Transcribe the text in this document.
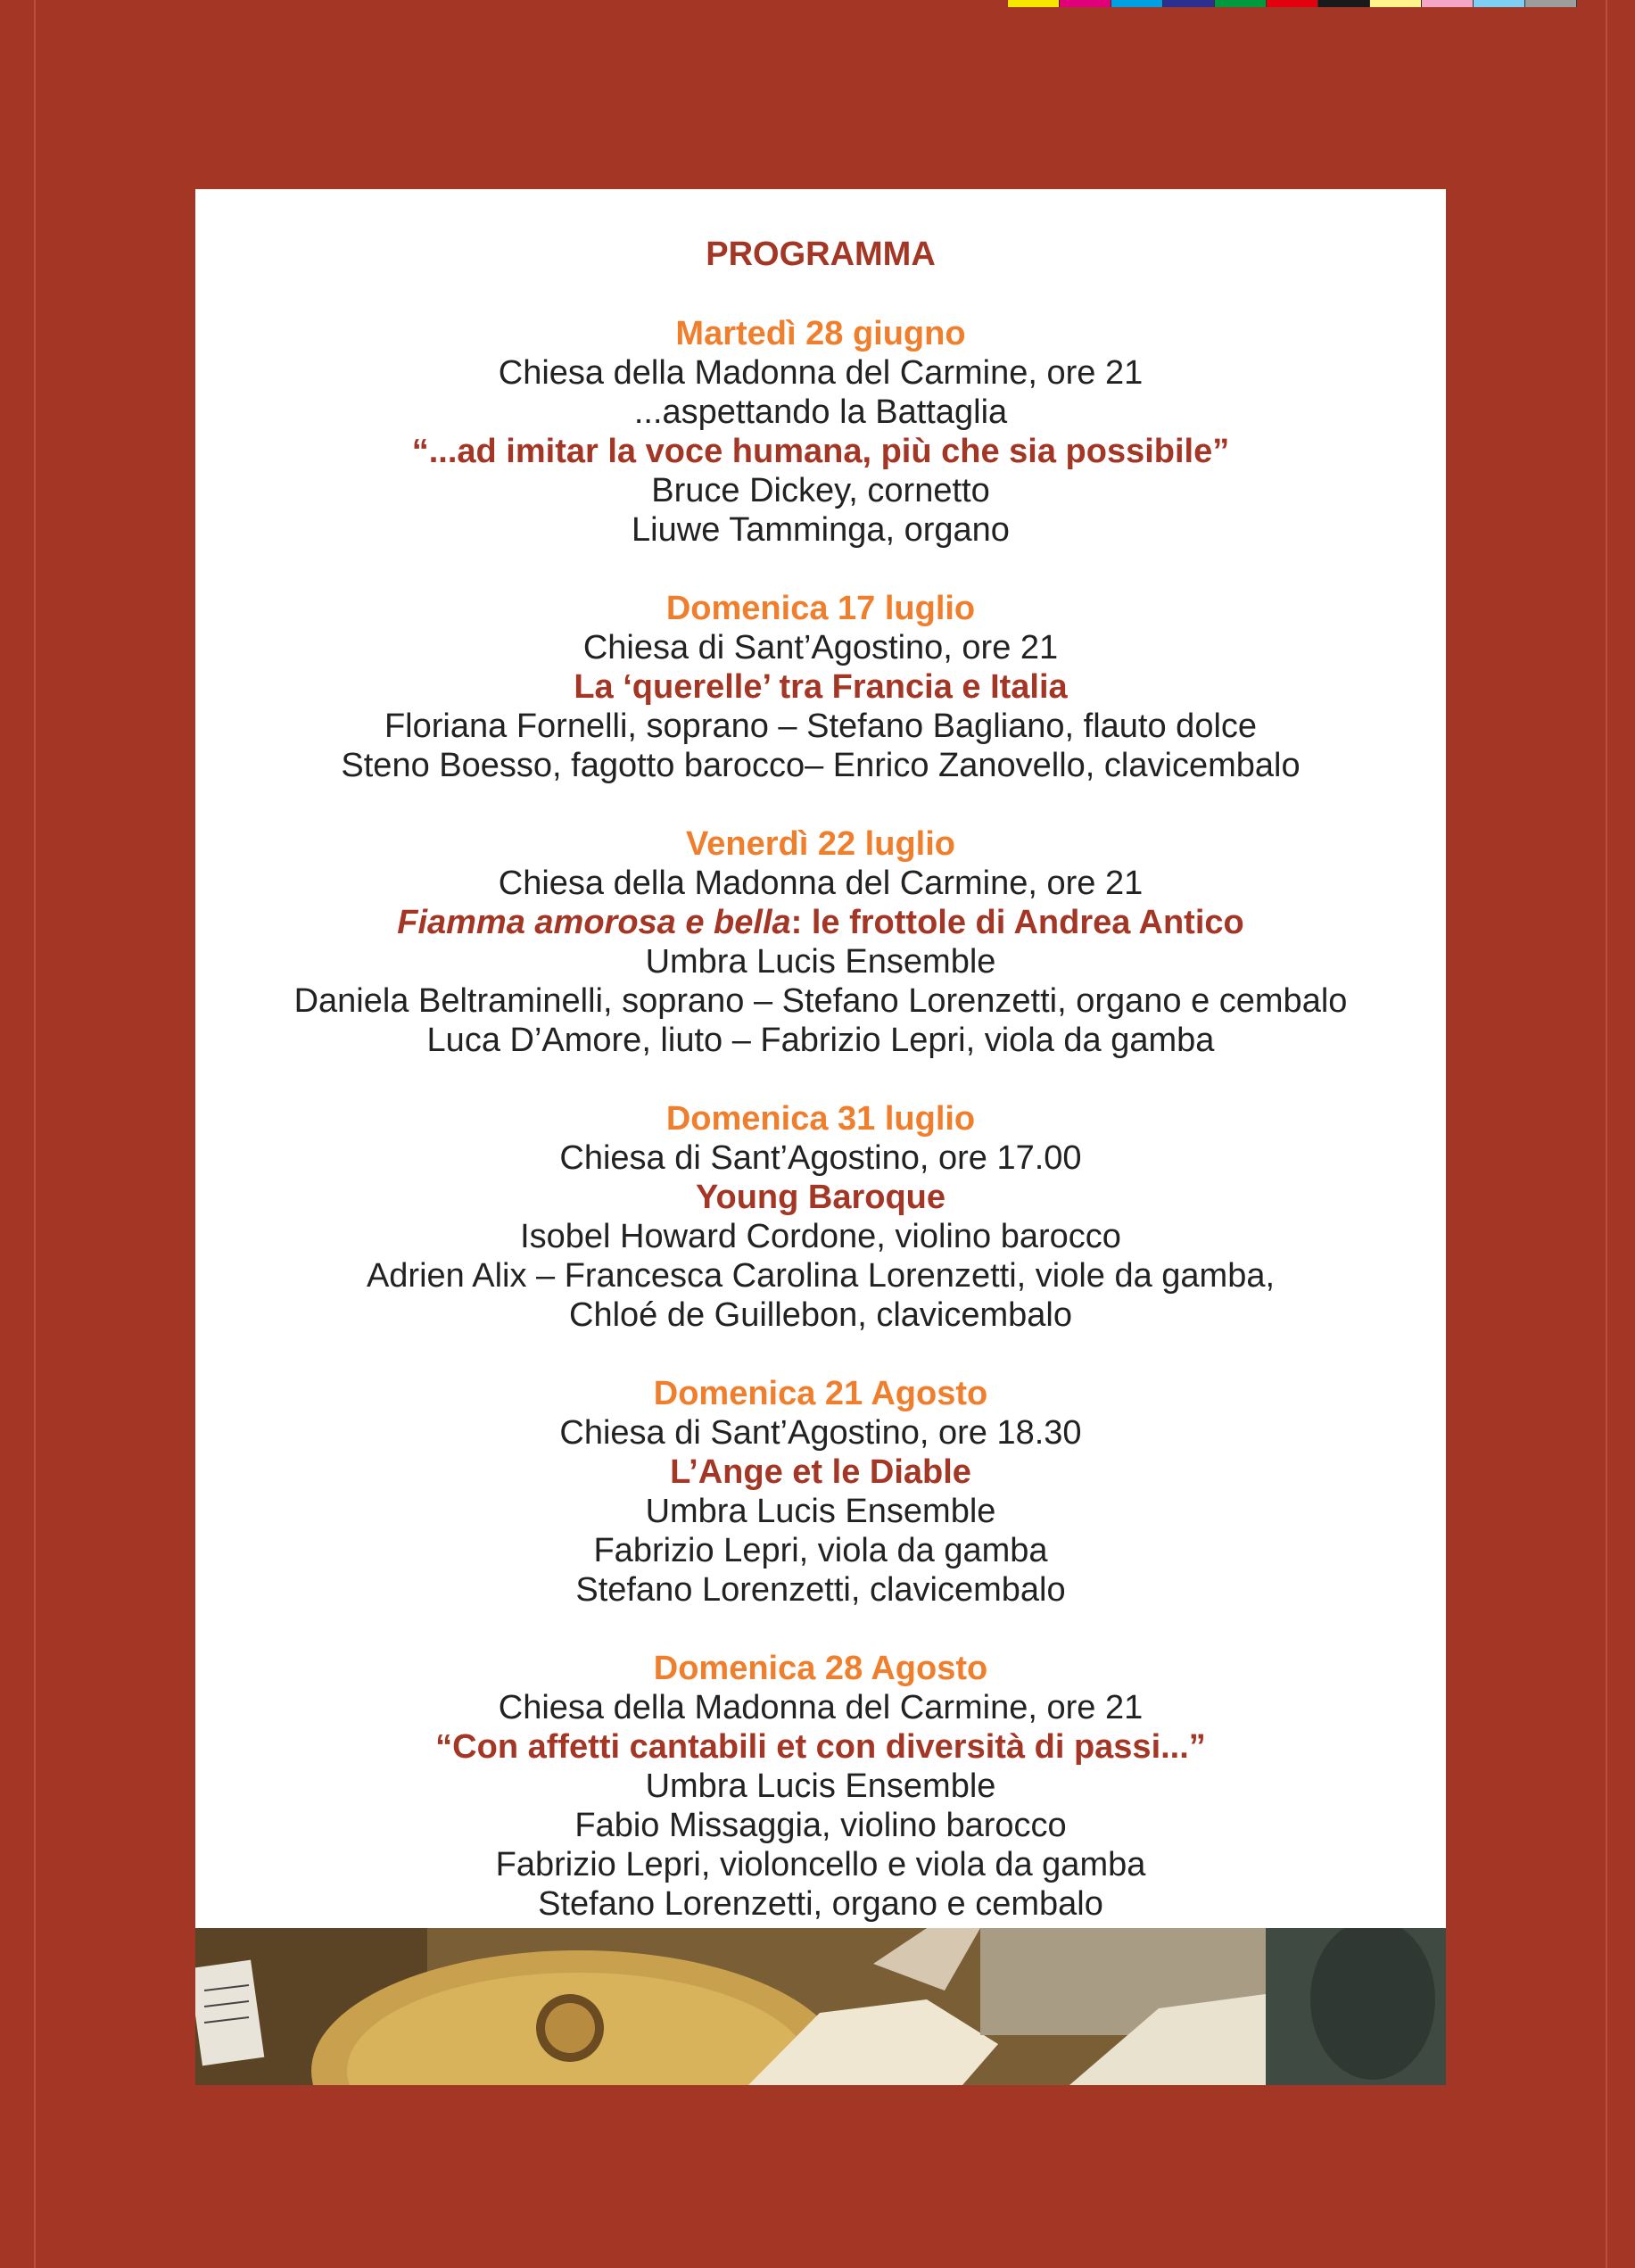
PROGRAMMA
Martedì 28 giugno
Chiesa della Madonna del Carmine, ore 21
...aspettando la Battaglia
“...ad imitar la voce humana, più che sia possibile”
Bruce Dickey, cornetto
Liuwe Tamminga, organo
Domenica 17 luglio
Chiesa di Sant’Agostino, ore 21
La ‘querelle’ tra Francia e Italia
Floriana Fornelli, soprano – Stefano Bagliano, flauto dolce
Steno Boesso, fagotto barocco– Enrico Zanovello, clavicembalo
Venerdì 22 luglio
Chiesa della Madonna del Carmine, ore 21
Fiamma amorosa e bella: le frottole di Andrea Antico
Umbra Lucis Ensemble
Daniela Beltraminelli, soprano – Stefano Lorenzetti, organo e cembalo
Luca D’Amore, liuto – Fabrizio Lepri, viola da gamba
Domenica 31 luglio
Chiesa di Sant’Agostino, ore 17.00
Young Baroque
Isobel Howard Cordone, violino barocco
Adrien Alix – Francesca Carolina Lorenzetti, viole da gamba,
Chloé de Guillebon, clavicembalo
Domenica 21 Agosto
Chiesa di Sant’Agostino, ore 18.30
L’Ange et le Diable
Umbra Lucis Ensemble
Fabrizio Lepri, viola da gamba
Stefano Lorenzetti, clavicembalo
Domenica 28 Agosto
Chiesa della Madonna del Carmine, ore 21
“Con affetti cantabili et con diversità di passi...”
Umbra Lucis Ensemble
Fabio Missaggia, violino barocco
Fabrizio Lepri, violoncello e viola da gamba
Stefano Lorenzetti, organo e cembalo
